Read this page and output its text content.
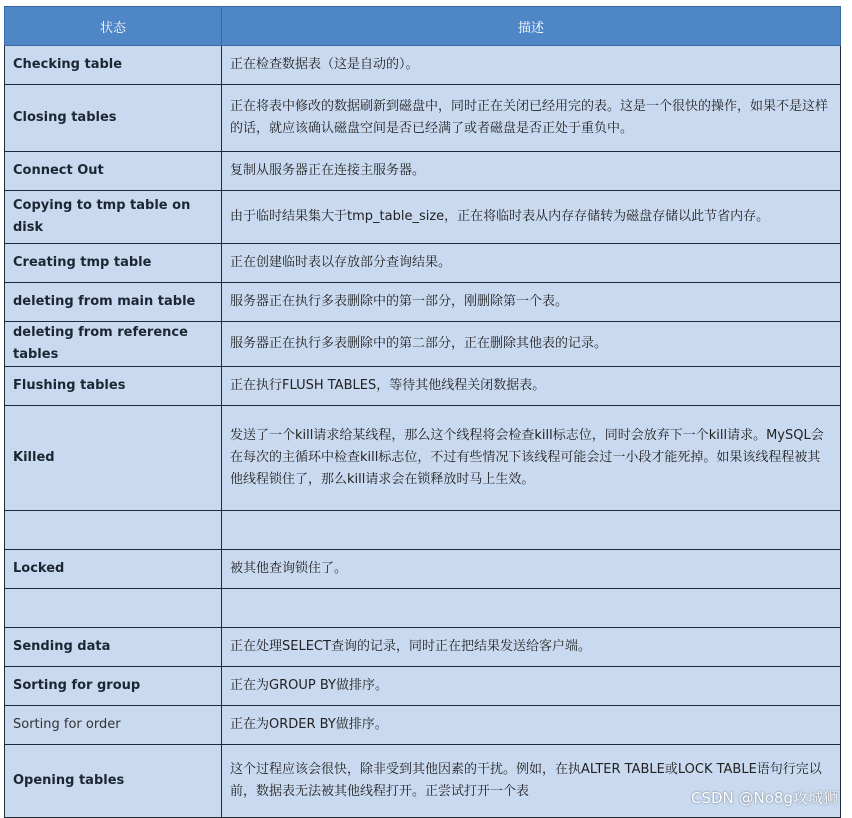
状态	描述
Checking table	正在检查数据表（这是自动的）。
Closing tables	正在将表中修改的数据刷新到磁盘中，同时正在关闭已经用完的表。这是一个很快的操作，如果不是这样的话，就应该确认磁盘空间是否已经满了或者磁盘是否正处于重负中。
Connect Out	复制从服务器正在连接主服务器。
Copying to tmp table on disk	由于临时结果集大于tmp_table_size，正在将临时表从内存存储转为磁盘存储以此节省内存。
Creating tmp table	正在创建临时表以存放部分查询结果。
deleting from main table	服务器正在执行多表删除中的第一部分，刚删除第一个表。
deleting from reference tables	服务器正在执行多表删除中的第二部分，正在删除其他表的记录。
Flushing tables	正在执行FLUSH TABLES，等待其他线程关闭数据表。
Killed	发送了一个kill请求给某线程，那么这个线程将会检查kill标志位，同时会放弃下一个kill请求。MySQL会在每次的主循环中检查kill标志位，不过有些情况下该线程可能会过一小段才能死掉。如果该线程程被其他线程锁住了，那么kill请求会在锁释放时马上生效。

Locked	被其他查询锁住了。

Sending data	正在处理SELECT查询的记录，同时正在把结果发送给客户端。
Sorting for group	正在为GROUP BY做排序。
Sorting for order	正在为ORDER BY做排序。
Opening tables	这个过程应该会很快，除非受到其他因素的干扰。例如，在执ALTER TABLE或LOCK TABLE语句行完以前，数据表无法被其他线程打开。正尝试打开一个表	CSDN @No8g攻城狮
